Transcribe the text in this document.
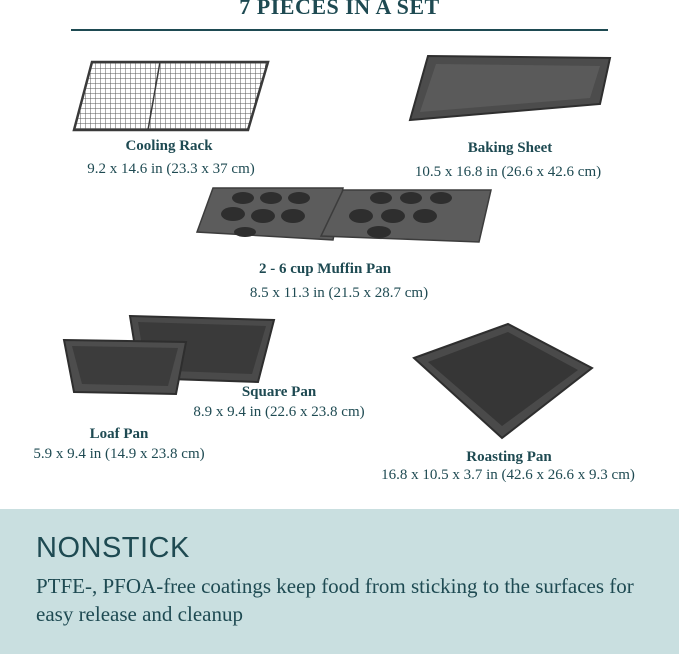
7 PIECES IN A SET
Cooling Rack
9.2 x 14.6 in (23.3 x 37 cm)
Baking Sheet
10.5 x 16.8 in (26.6 x 42.6 cm)
2 - 6 cup Muffin Pan
8.5 x 11.3 in (21.5 x 28.7 cm)
Square Pan
8.9 x 9.4 in (22.6 x 23.8 cm)
Loaf Pan
5.9 x 9.4 in (14.9 x 23.8 cm)	Roasting Pan
16.8 x 10.5 x 3.7 in (42.6 x 26.6 x 9.3 cm)
NONSTICK
PTFE-, PFOA-free coatings keep food from sticking to the surfaces for easy release and cleanup
